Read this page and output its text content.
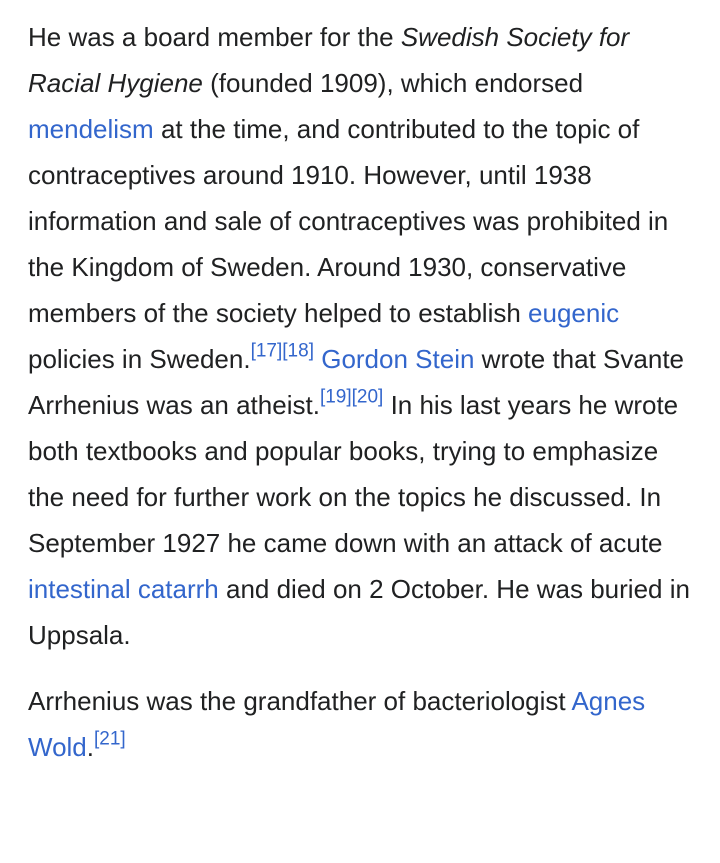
He was a board member for the Swedish Society for Racial Hygiene (founded 1909), which endorsed mendelism at the time, and contributed to the topic of contraceptives around 1910. However, until 1938 information and sale of contraceptives was prohibited in the Kingdom of Sweden. Around 1930, conservative members of the society helped to establish eugenic policies in Sweden.[17][18] Gordon Stein wrote that Svante Arrhenius was an atheist.[19][20] In his last years he wrote both textbooks and popular books, trying to emphasize the need for further work on the topics he discussed. In September 1927 he came down with an attack of acute intestinal catarrh and died on 2 October. He was buried in Uppsala.

Arrhenius was the grandfather of bacteriologist Agnes Wold.[21]
